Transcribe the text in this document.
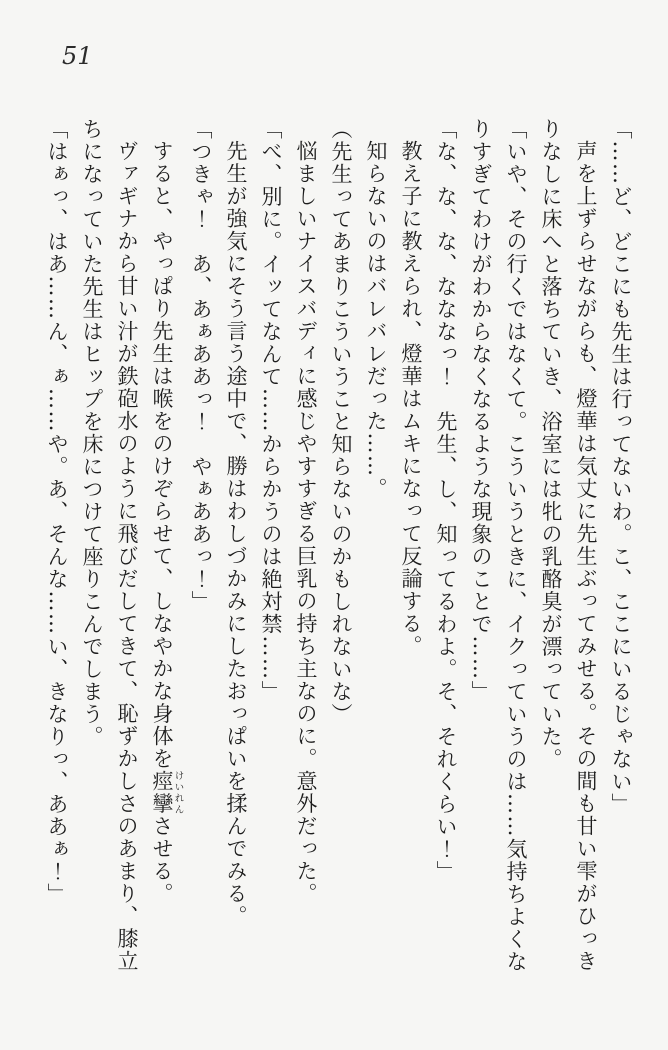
51

「……ど、どこにも先生は行ってないわ。こ、ここにいるじゃない」

声を上ずらせながらも、燈華は気丈に先生ぶってみせる。その間も甘い雫がひっきりなしに床へと落ちていき、浴室には牝の乳酪臭が漂っていた。

「いや、その行くではなくて。こういうときに、イクっていうのは……気持ちよくなりすぎてわけがわからなくなるような現象のことで……」

「な、な、な、なななっ！　先生、し、知ってるわよ。そ、それくらい！」

教え子に教えられ、燈華はムキになって反論する。

知らないのはバレバレだった……。

（先生ってあまりこういうこと知らないのかもしれないな）

悩ましいナイスバディに感じやすすぎる巨乳の持ち主なのに。意外だった。

「べ、別に。イッてなんて……からかうのは絶対禁……」

先生が強気にそう言う途中で、勝はわしづかみにしたおっぱいを揉んでみる。

「つきゃ！　あ、あぁああっ！　やぁああっ！」

すると、やっぱり先生は喉をのけぞらせて、しなやかな身体を痙攣けいれんさせる。

ヴァギナから甘い汁が鉄砲水のように飛びだしてきて、恥ずかしさのあまり、膝立ちになっていた先生はヒップを床につけて座りこんでしまう。

「はぁっ、はあ……ん、ぁ……や。あ、そんな……い、きなりっ、ああぁ！」
